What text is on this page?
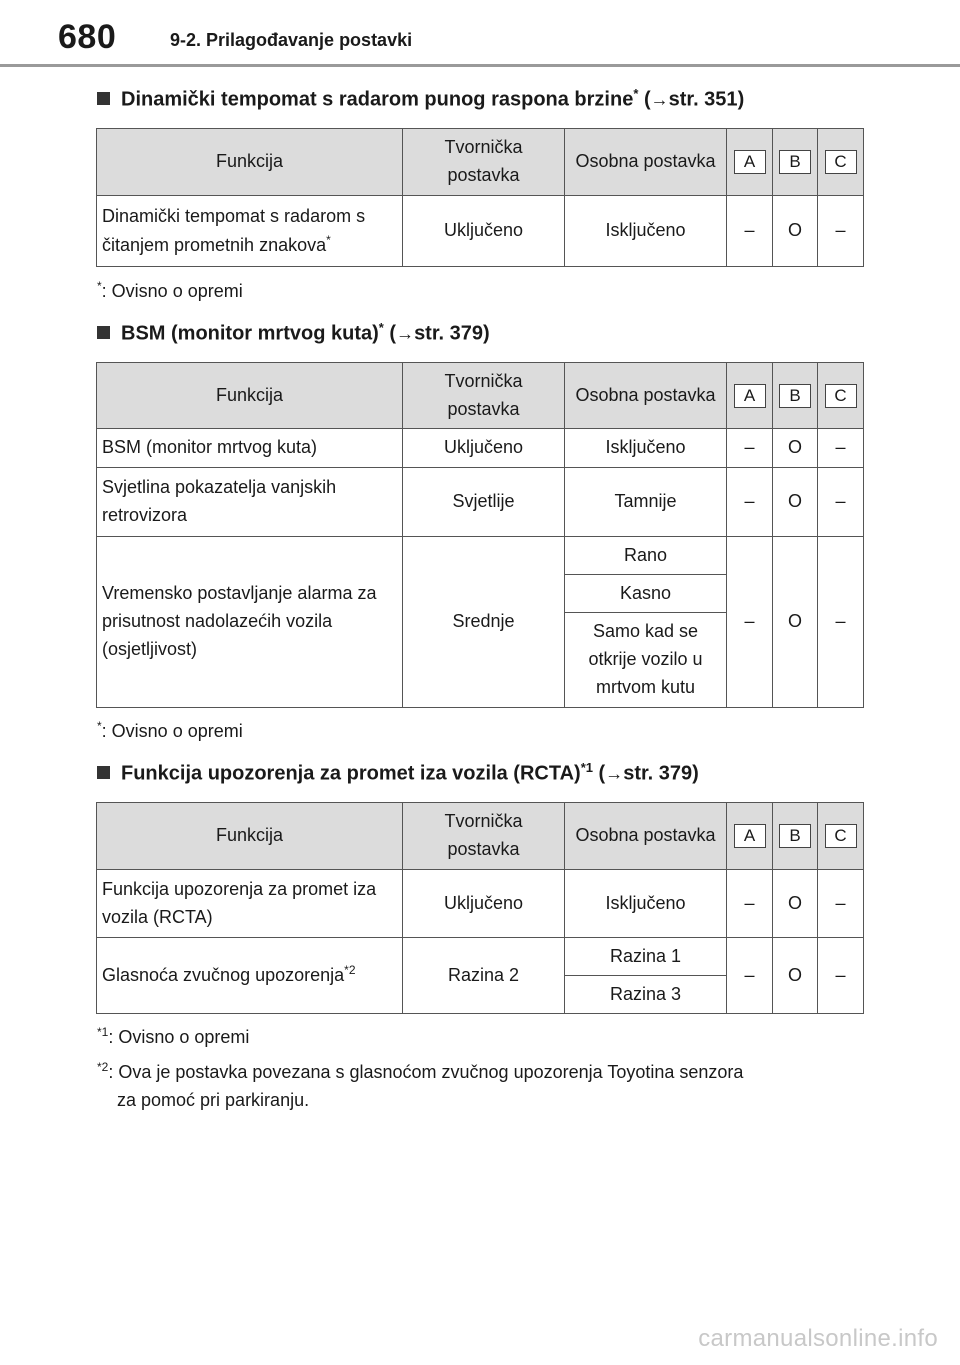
680	9-2. Prilagođavanje postavki
Dinamički tempomat s radarom punog raspona brzine* (→str. 351)
Funkcija	Tvornička postavka	Osobna postavka	A	B	C
Dinamički tempomat s radarom s čitanjem prometnih znakova*	Uključeno	Isključeno	–	O	–
*: Ovisno o opremi
BSM (monitor mrtvog kuta)* (→str. 379)
Funkcija	Tvornička postavka	Osobna postavka	A	B	C
BSM (monitor mrtvog kuta)	Uključeno	Isključeno	–	O	–
Svjetlina pokazatelja vanjskih retrovizora	Svjetlije	Tamnije	–	O	–
Vremensko postavljanje alarma za prisutnost nadolazećih vozila (osjetljivost)	Srednje	Rano	–	O	–
		Kasno			
		Samo kad se otkrije vozilo u mrtvom kutu			
*: Ovisno o opremi
Funkcija upozorenja za promet iza vozila (RCTA)$^{*1}$ (→str. 379)
Funkcija	Tvornička postavka	Osobna postavka	A	B	C
Funkcija upozorenja za promet iza vozila (RCTA)	Uključeno	Isključeno	–	O	–
Glasnoća zvučnog upozorenja$^{*2}$	Razina 2	Razina 1	–	O	–
		Razina 3			
$^{*1}$: Ovisno o opremi
$^{*2}$: Ova je postavka povezana s glasnoćom zvučnog upozorenja Toyotina senzora
za pomoć pri parkiranju.
carmanualsonline.info
